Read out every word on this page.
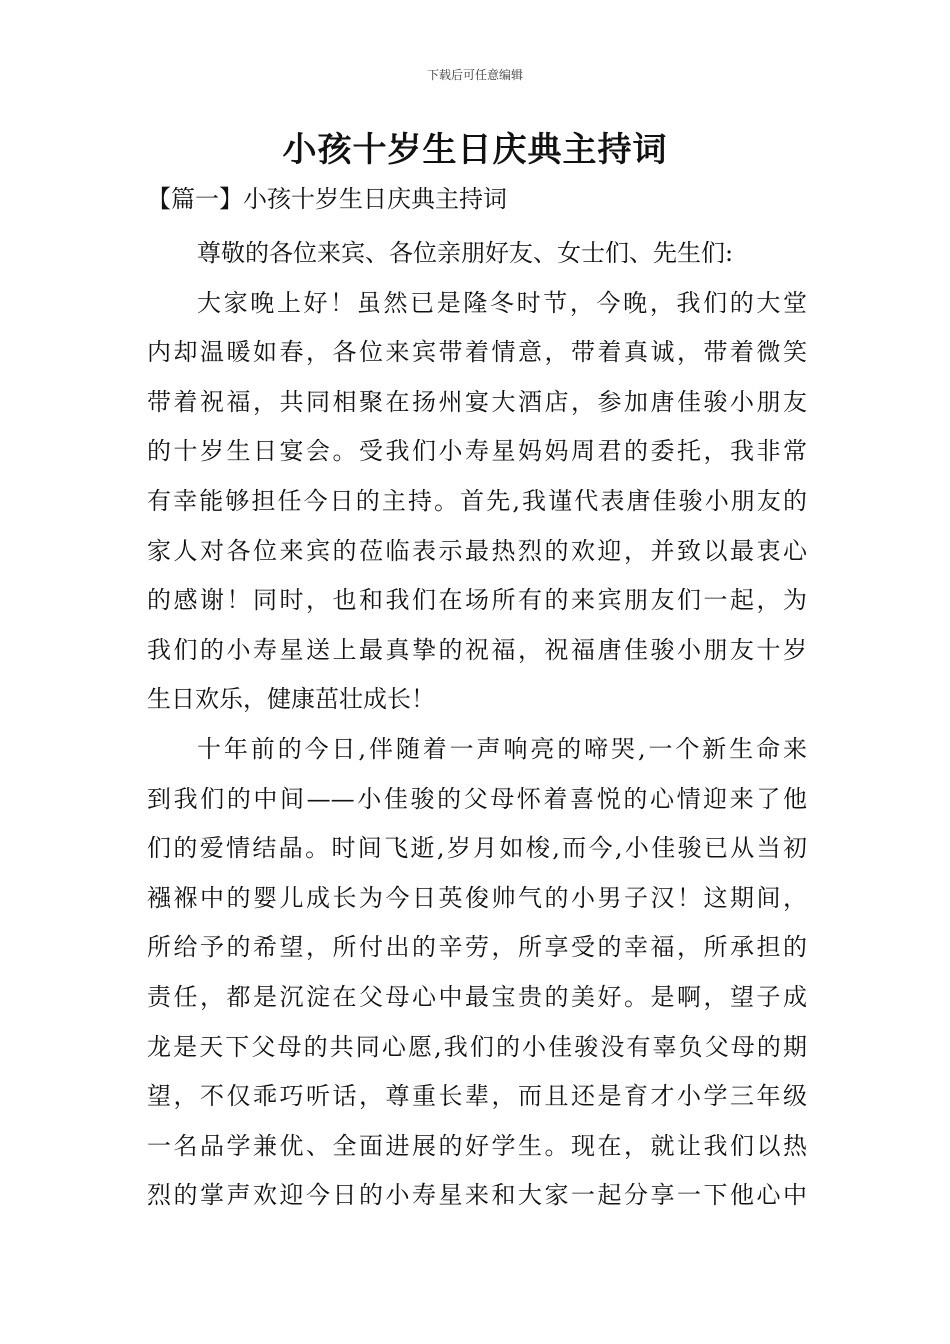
下载后可任意编辑
小孩十岁生日庆典主持词
【篇一】小孩十岁生日庆典主持词
尊敬的各位来宾、各位亲朋好友、女士们、先生们:
大家晚上好！虽然已是隆冬时节，今晚，我们的大堂
内却温暖如春，各位来宾带着情意，带着真诚，带着微笑
带着祝福，共同相聚在扬州宴大酒店，参加唐佳骏小朋友
的十岁生日宴会。受我们小寿星妈妈周君的委托，我非常
有幸能够担任今日的主持。首先,我谨代表唐佳骏小朋友的
家人对各位来宾的莅临表示最热烈的欢迎，并致以最衷心
的感谢！同时，也和我们在场所有的来宾朋友们一起，为
我们的小寿星送上最真挚的祝福，祝福唐佳骏小朋友十岁
生日欢乐，健康茁壮成长！
十年前的今日,伴随着一声响亮的啼哭,一个新生命来
到我们的中间——小佳骏的父母怀着喜悦的心情迎来了他
们的爱情结晶。时间飞逝,岁月如梭,而今,小佳骏已从当初
襁褓中的婴儿成长为今日英俊帅气的小男子汉！这期间，
所给予的希望，所付出的辛劳，所享受的幸福，所承担的
责任，都是沉淀在父母心中最宝贵的美好。是啊，望子成
龙是天下父母的共同心愿,我们的小佳骏没有辜负父母的期
望，不仅乖巧听话，尊重长辈，而且还是育才小学三年级
一名品学兼优、全面进展的好学生。现在，就让我们以热
烈的掌声欢迎今日的小寿星来和大家一起分享一下他心中
